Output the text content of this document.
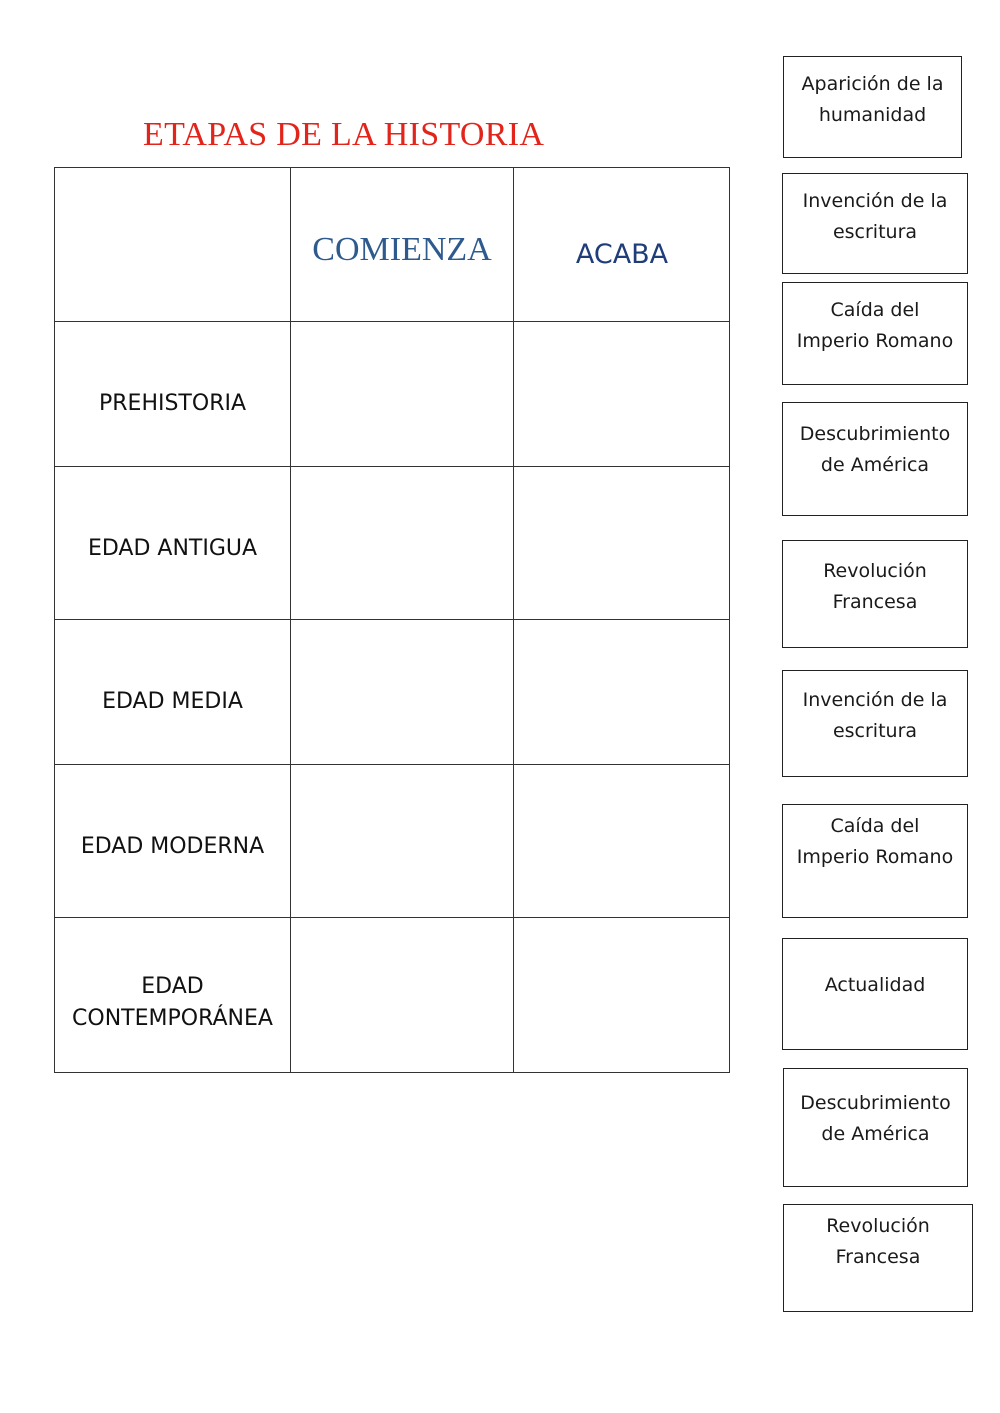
ETAPAS DE LA HISTORIA
COMIENZA	ACABA
PREHISTORIA
EDAD ANTIGUA
EDAD MEDIA
EDAD MODERNA
EDAD
CONTEMPORÁNEA
Aparición de la
humanidad
Invención de la
escritura
Caída del
Imperio Romano
Descubrimiento
de América
Revolución
Francesa
Invención de la
escritura
Caída del
Imperio Romano
Actualidad
Descubrimiento
de América
Revolución
Francesa
